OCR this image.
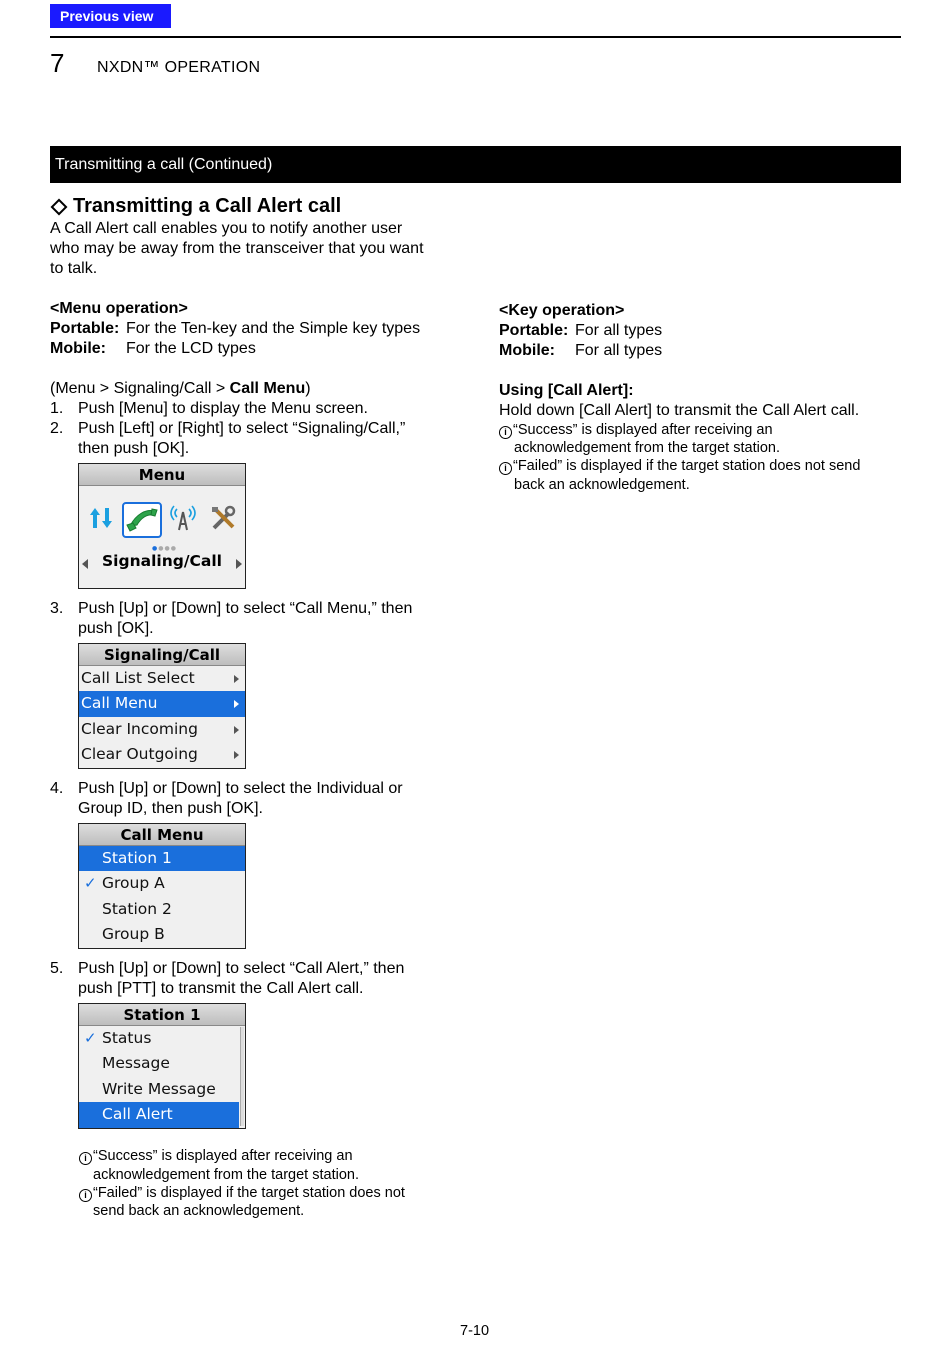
Previous view
7 NXDN™ OPERATION
Transmitting a call (Continued)
Transmitting a Call Alert call
A Call Alert call enables you to notify another user
who may be away from the transceiver that you want
to talk.
<Menu operation>
Portable: For the Ten-key and the Simple key types
Mobile: For the LCD types
(Menu > Signaling/Call > Call Menu)
1. Push [Menu] to display the Menu screen.
2. Push [Left] or [Right] to select “Signaling/Call,”
then push [OK].
Menu
●●●●
Signaling/Call
3. Push [Up] or [Down] to select “Call Menu,” then
push [OK].
Signaling/Call
Call List Select
Call Menu
Clear Incoming
Clear Outgoing
4. Push [Up] or [Down] to select the Individual or
Group ID, then push [OK].
Call Menu
Station 1
✓ Group A
Station 2
Group B
5. Push [Up] or [Down] to select “Call Alert,” then
push [PTT] to transmit the Call Alert call.
Station 1
✓ Status
Message
Write Message
Call Alert
i “Success” is displayed after receiving an
acknowledgement from the target station.
i “Failed” is displayed if the target station does not
send back an acknowledgement.
<Key operation>
Portable: For all types
Mobile: For all types
Using [Call Alert]:
Hold down [Call Alert] to transmit the Call Alert call.
i “Success” is displayed after receiving an
acknowledgement from the target station.
i “Failed” is displayed if the target station does not send
back an acknowledgement.
7-10
